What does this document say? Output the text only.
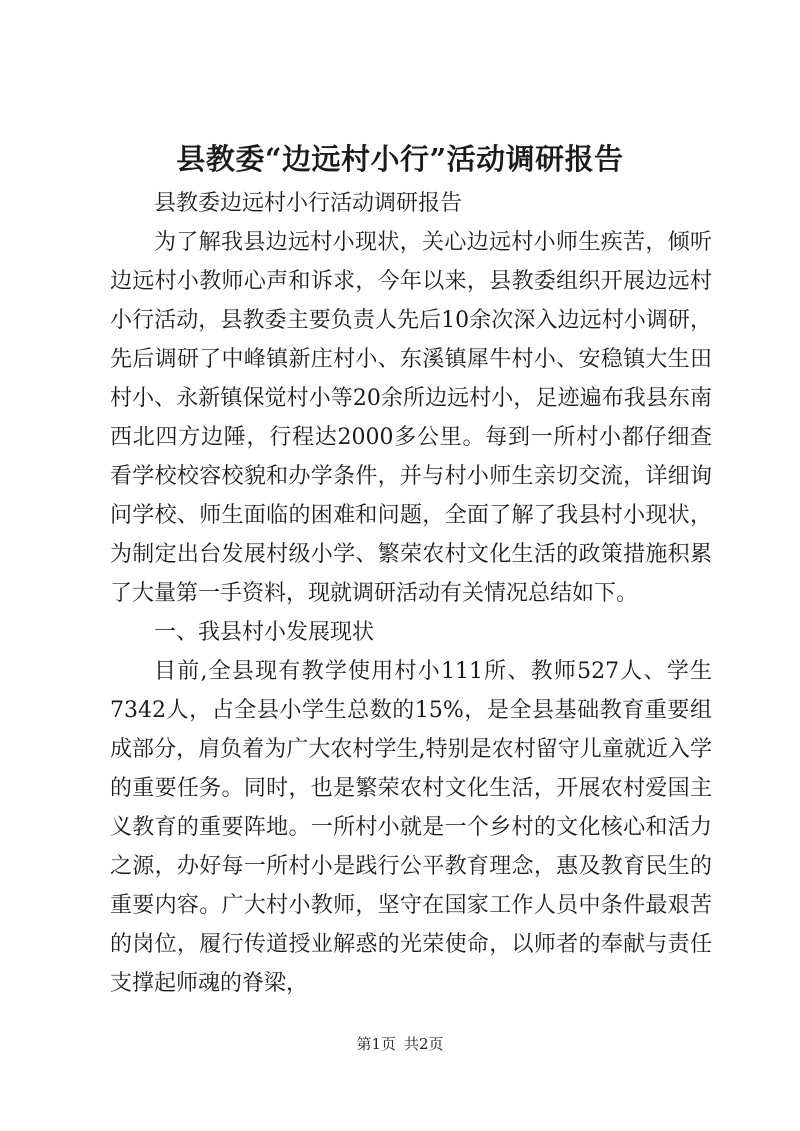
县教委“边远村小行”活动调研报告

县教委边远村小行活动调研报告

为了解我县边远村小现状，关心边远村小师生疾苦，倾听边远村小教师心声和诉求，今年以来，县教委组织开展边远村小行活动，县教委主要负责人先后10余次深入边远村小调研，先后调研了中峰镇新庄村小、东溪镇犀牛村小、安稳镇大生田村小、永新镇保觉村小等20余所边远村小，足迹遍布我县东南西北四方边陲，行程达2000多公里。每到一所村小都仔细查看学校校容校貌和办学条件，并与村小师生亲切交流，详细询问学校、师生面临的困难和问题，全面了解了我县村小现状，为制定出台发展村级小学、繁荣农村文化生活的政策措施积累了大量第一手资料，现就调研活动有关情况总结如下。

一、我县村小发展现状

目前,全县现有教学使用村小111所、教师527人、学生7342人，占全县小学生总数的15%，是全县基础教育重要组成部分，肩负着为广大农村学生,特别是农村留守儿童就近入学的重要任务。同时，也是繁荣农村文化生活，开展农村爱国主义教育的重要阵地。一所村小就是一个乡村的文化核心和活力之源，办好每一所村小是践行公平教育理念，惠及教育民生的重要内容。广大村小教师，坚守在国家工作人员中条件最艰苦的岗位，履行传道授业解惑的光荣使命，以师者的奉献与责任支撑起师魂的脊梁，

第1页 共2页
